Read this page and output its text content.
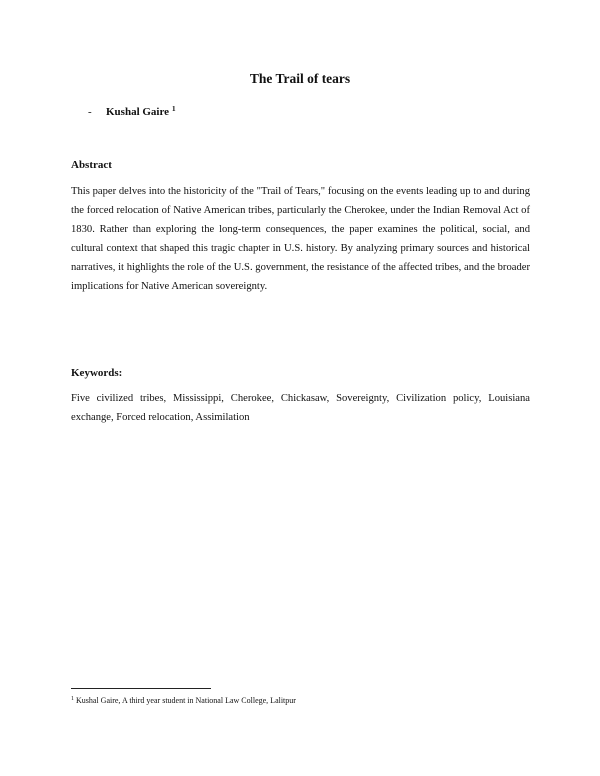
The Trail of tears
- Kushal Gaire $^1$
Abstract
This paper delves into the historicity of the "Trail of Tears," focusing on the events leading up to and during the forced relocation of Native American tribes, particularly the Cherokee, under the Indian Removal Act of 1830. Rather than exploring the long-term consequences, the paper examines the political, social, and cultural context that shaped this tragic chapter in U.S. history. By analyzing primary sources and historical narratives, it highlights the role of the U.S. government, the resistance of the affected tribes, and the broader implications for Native American sovereignty.
Keywords:
Five civilized tribes, Mississippi, Cherokee, Chickasaw, Sovereignty, Civilization policy, Louisiana exchange, Forced relocation, Assimilation
$^1$ Kushal Gaire, A third year student in National Law College, Lalitpur
